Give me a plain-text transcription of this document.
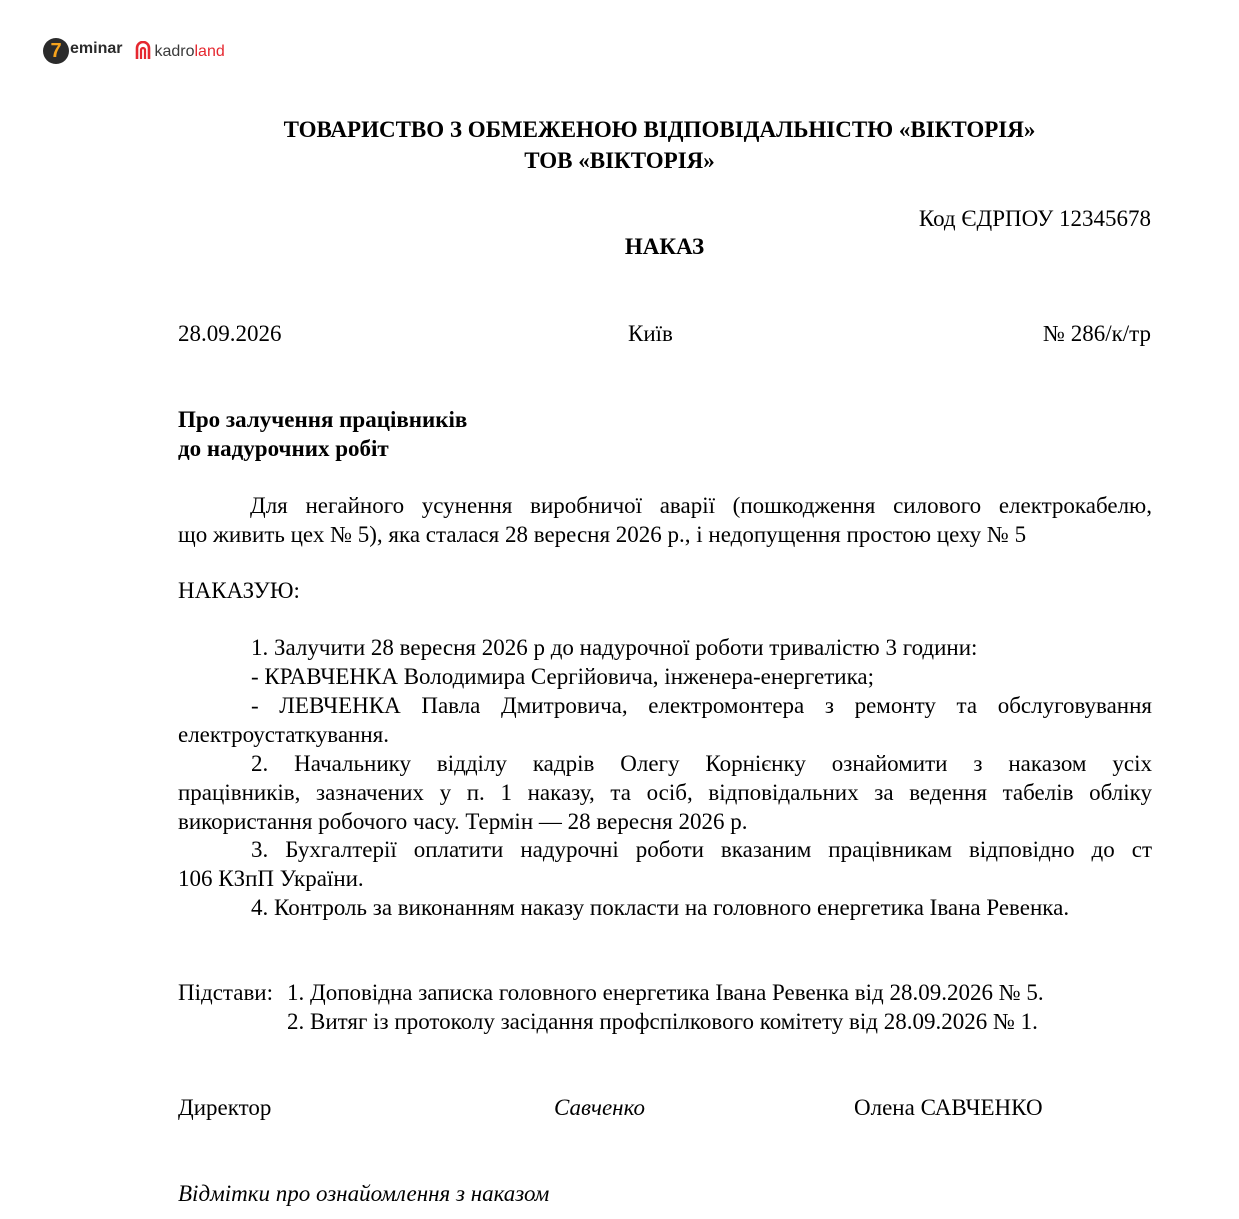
7 eminar kadroland
ТОВАРИСТВО З ОБМЕЖЕНОЮ ВІДПОВІДАЛЬНІСТЮ «ВІКТОРІЯ»
ТОВ «ВІКТОРІЯ»
Код ЄДРПОУ 12345678
НАКАЗ
28.09.2026	Київ	№ 286/к/тр
Про залучення працівників
до надурочних робіт
Для негайного усунення виробничої аварії (пошкодження силового електрокабелю,
що живить цех № 5), яка сталася 28 вересня 2026 р., і недопущення простою цеху № 5
НАКАЗУЮ:
1. Залучити 28 вересня 2026 р до надурочної роботи тривалістю 3 години:
- КРАВЧЕНКА Володимира Сергійовича, інженера-енергетика;
- ЛЕВЧЕНКА Павла Дмитровича, електромонтера з ремонту та обслуговування
електроустаткування.
2. Начальнику відділу кадрів Олегу Корнієнку ознайомити з наказом усіх
працівників, зазначених у п. 1 наказу, та осіб, відповідальних за ведення табелів обліку
використання робочого часу. Термін — 28 вересня 2026 р.
3. Бухгалтерії оплатити надурочні роботи вказаним працівникам відповідно до ст
106 КЗпП України.
4. Контроль за виконанням наказу покласти на головного енергетика Івана Ревенка.
Підстави: 1. Доповідна записка головного енергетика Івана Ревенка від 28.09.2026 № 5.
2. Витяг із протоколу засідання профспілкового комітету від 28.09.2026 № 1.
Директор	Савченко	Олена САВЧЕНКО
Відмітки про ознайомлення з наказом
